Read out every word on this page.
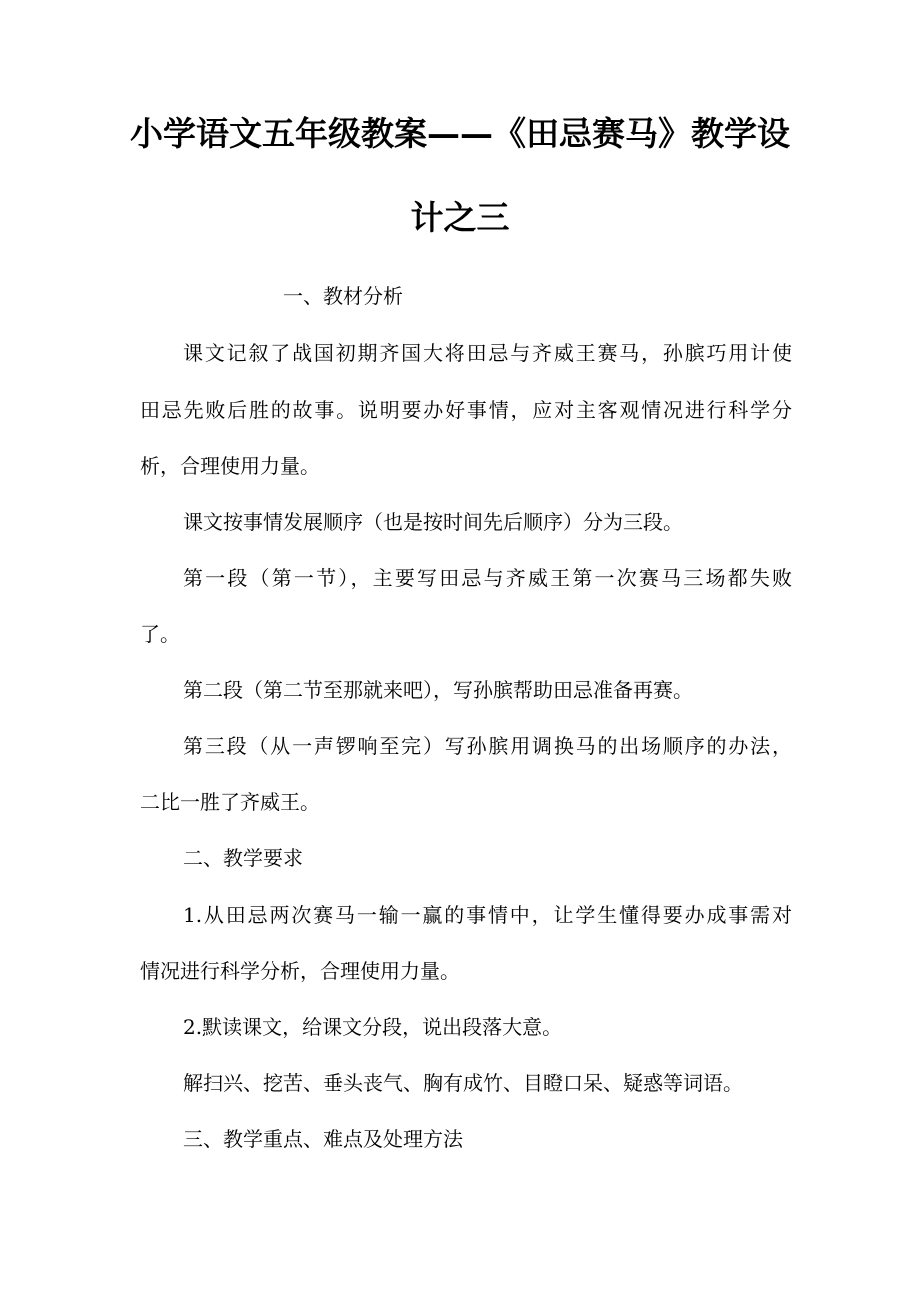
小学语文五年级教案——《田忌赛马》教学设
计之三
一、教材分析
课文记叙了战国初期齐国大将田忌与齐威王赛马，孙膑巧用计使
田忌先败后胜的故事。说明要办好事情，应对主客观情况进行科学分
析，合理使用力量。
课文按事情发展顺序（也是按时间先后顺序）分为三段。
第一段（第一节），主要写田忌与齐威王第一次赛马三场都失败
了。
第二段（第二节至那就来吧），写孙膑帮助田忌准备再赛。
第三段（从一声锣响至完）写孙膑用调换马的出场顺序的办法，
二比一胜了齐威王。
二、教学要求
1.从田忌两次赛马一输一赢的事情中，让学生懂得要办成事需对
情况进行科学分析，合理使用力量。
2.默读课文，给课文分段，说出段落大意。
解扫兴、挖苦、垂头丧气、胸有成竹、目瞪口呆、疑惑等词语。
三、教学重点、难点及处理方法
